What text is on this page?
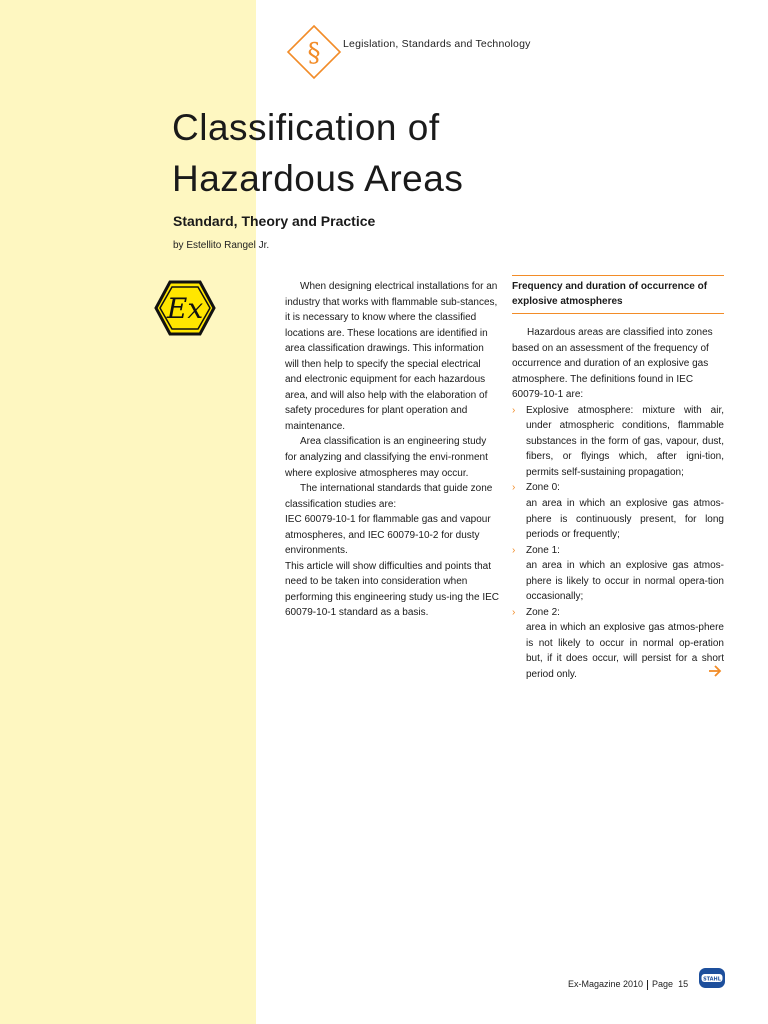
§ Legislation, Standards and Technology
Classification of
Hazardous Areas
Standard, Theory and Practice
by Estellito Rangel Jr.
Ex

When designing electrical installations for an industry that works with flammable sub-stances, it is necessary to know where the classified locations are. These locations are identified in area classification drawings. This information will then help to specify the special electrical and electronic equipment for each hazardous area, and will also help with the elaboration of safety procedures for plant operation and maintenance.

Area classification is an engineering study for analyzing and classifying the envi-ronment where explosive atmospheres may occur.

The international standards that guide zone classification studies are:

IEC 60079-10-1 for flammable gas and vapour atmospheres, and IEC 60079-10-2 for dusty environments.

This article will show difficulties and points that need to be taken into consideration when performing this engineering study us-ing the IEC 60079-10-1 standard as a basis.

Frequency and duration of occurrence of explosive atmospheres

Hazardous areas are classified into zones based on an assessment of the frequency of occurrence and duration of an explosive gas atmosphere. The definitions found in IEC 60079-10-1 are:

› Explosive atmosphere: mixture with air, under atmospheric conditions, flammable substances in the form of gas, vapour, dust, fibers, or flyings which, after igni-tion, permits self-sustaining propagation;
› Zone 0:
an area in which an explosive gas atmos-phere is continuously present, for long periods or frequently;
› Zone 1:
an area in which an explosive gas atmos-phere is likely to occur in normal opera-tion occasionally;
› Zone 2:
area in which an explosive gas atmos-phere is not likely to occur in normal op-eration but, if it does occur, will persist for a short period only.
Ex-Magazine 2010 Page 15	STAHL
